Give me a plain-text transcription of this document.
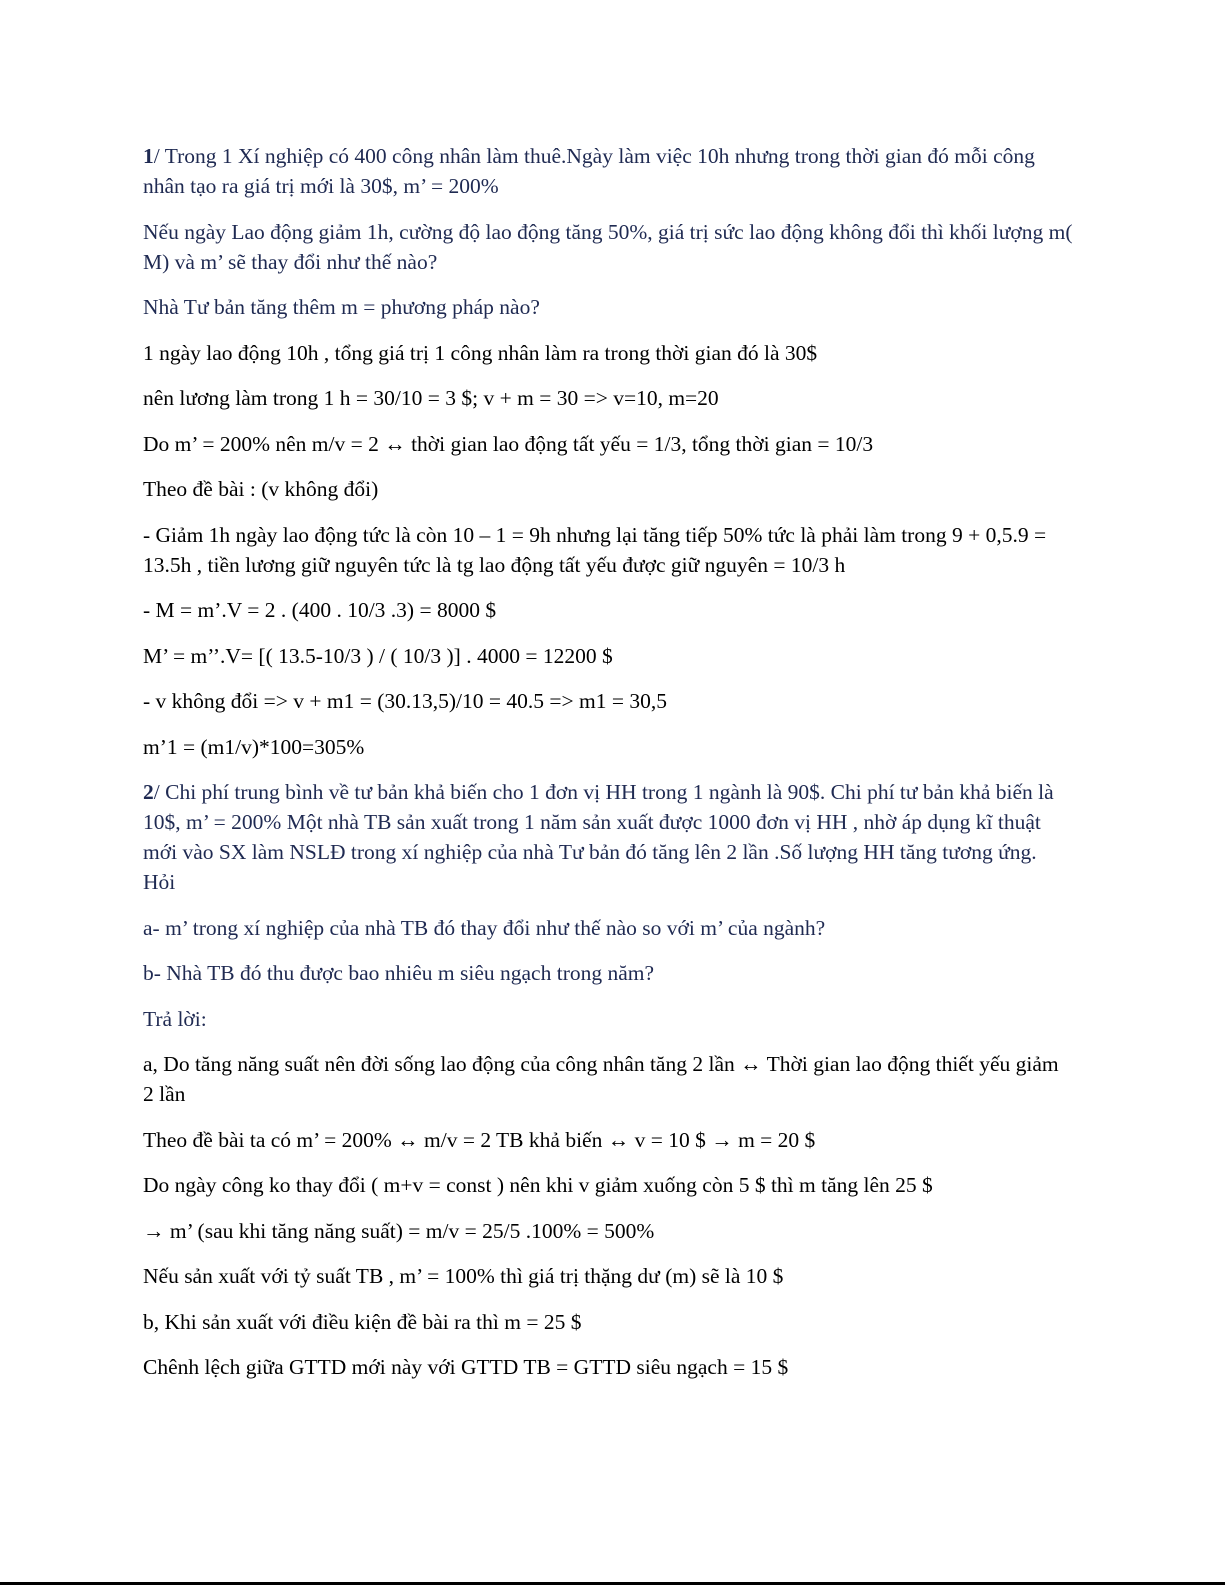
1/ Trong 1 Xí nghiệp có 400 công nhân làm thuê.Ngày làm việc 10h nhưng trong thời gian đó mỗi công nhân tạo ra giá trị mới là 30$, m’ = 200%

Nếu ngày Lao động giảm 1h, cường độ lao động tăng 50%, giá trị sức lao động không đổi thì khối lượng m( M) và m’ sẽ thay đổi như thế nào?

Nhà Tư bản tăng thêm m = phương pháp nào?

1 ngày lao động 10h , tổng giá trị 1 công nhân làm ra trong thời gian đó là 30$

nên lương làm trong 1 h = 30/10 = 3 $; v + m = 30 => v=10, m=20

Do m’ = 200% nên m/v = 2 ↔ thời gian lao động tất yếu = 1/3, tổng thời gian = 10/3

Theo đề bài : (v không đổi)

- Giảm 1h ngày lao động tức là còn 10 – 1 = 9h nhưng lại tăng tiếp 50% tức là phải làm trong 9 + 0,5.9 = 13.5h , tiền lương giữ nguyên tức là tg lao động tất yếu được giữ nguyên = 10/3 h

- M = m’.V = 2 . (400 . 10/3 .3) = 8000 $

M’ = m’’.V= [( 13.5-10/3 ) / ( 10/3 )] . 4000 = 12200 $

- v không đổi => v + m1 = (30.13,5)/10 = 40.5 => m1 = 30,5

m’1 = (m1/v)*100=305%

2/ Chi phí trung bình về tư bản khả biến cho 1 đơn vị HH trong 1 ngành là 90$. Chi phí tư bản khả biến là 10$, m’ = 200% Một nhà TB sản xuất trong 1 năm sản xuất được 1000 đơn vị HH , nhờ áp dụng kĩ thuật mới vào SX làm NSLĐ trong xí nghiệp của nhà Tư bản đó tăng lên 2 lần .Số lượng HH tăng tương ứng. Hỏi

a- m’ trong xí nghiệp của nhà TB đó thay đổi như thế nào so với m’ của ngành?

b- Nhà TB đó thu được bao nhiêu m siêu ngạch trong năm?

Trả lời:

a, Do tăng năng suất nên đời sống lao động của công nhân tăng 2 lần ↔ Thời gian lao động thiết yếu giảm 2 lần

Theo đề bài ta có m’ = 200% ↔ m/v = 2 TB khả biến ↔ v = 10 $ → m = 20 $

Do ngày công ko thay đổi ( m+v = const ) nên khi v giảm xuống còn 5 $ thì m tăng lên 25 $

→ m’ (sau khi tăng năng suất) = m/v = 25/5 .100% = 500%

Nếu sản xuất với tỷ suất TB , m’ = 100% thì giá trị thặng dư (m) sẽ là 10 $

b, Khi sản xuất với điều kiện đề bài ra thì m = 25 $

Chênh lệch giữa GTTD mới này với GTTD TB = GTTD siêu ngạch = 15 $
